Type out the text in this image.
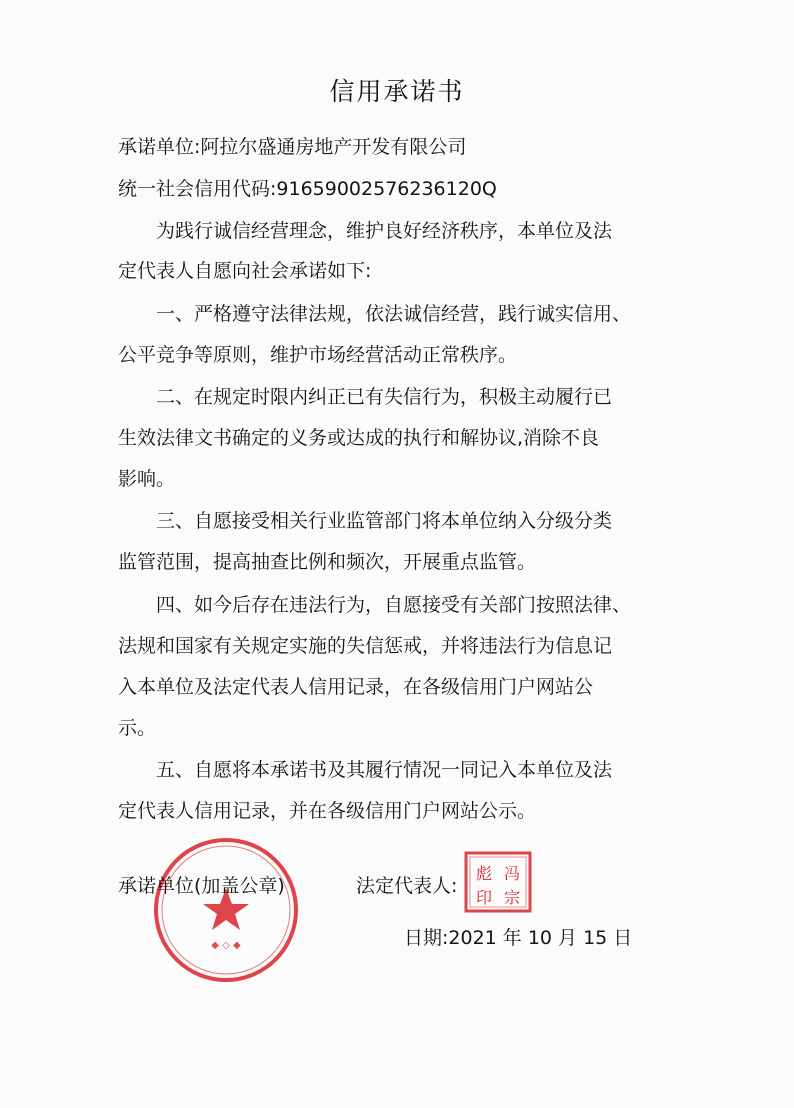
信用承诺书
承诺单位:阿拉尔盛通房地产开发有限公司
统一社会信用代码:91659002576236120Q
为践行诚信经营理念，维护良好经济秩序，本单位及法
定代表人自愿向社会承诺如下:
一、严格遵守法律法规，依法诚信经营，践行诚实信用、
公平竞争等原则，维护市场经营活动正常秩序。
二、在规定时限内纠正已有失信行为，积极主动履行已
生效法律文书确定的义务或达成的执行和解协议,消除不良
影响。
三、自愿接受相关行业监管部门将本单位纳入分级分类
监管范围，提高抽查比例和频次，开展重点监管。
四、如今后存在违法行为，自愿接受有关部门按照法律、
法规和国家有关规定实施的失信惩戒，并将违法行为信息记
入本单位及法定代表人信用记录，在各级信用门户网站公
示。
五、自愿将本承诺书及其履行情况一同记入本单位及法
定代表人信用记录，并在各级信用门户网站公示。
◆ ◇ ◆
彪 冯
印 宗
承诺单位(加盖公章)	法定代表人:
日期:2021 年 10 月 15 日
